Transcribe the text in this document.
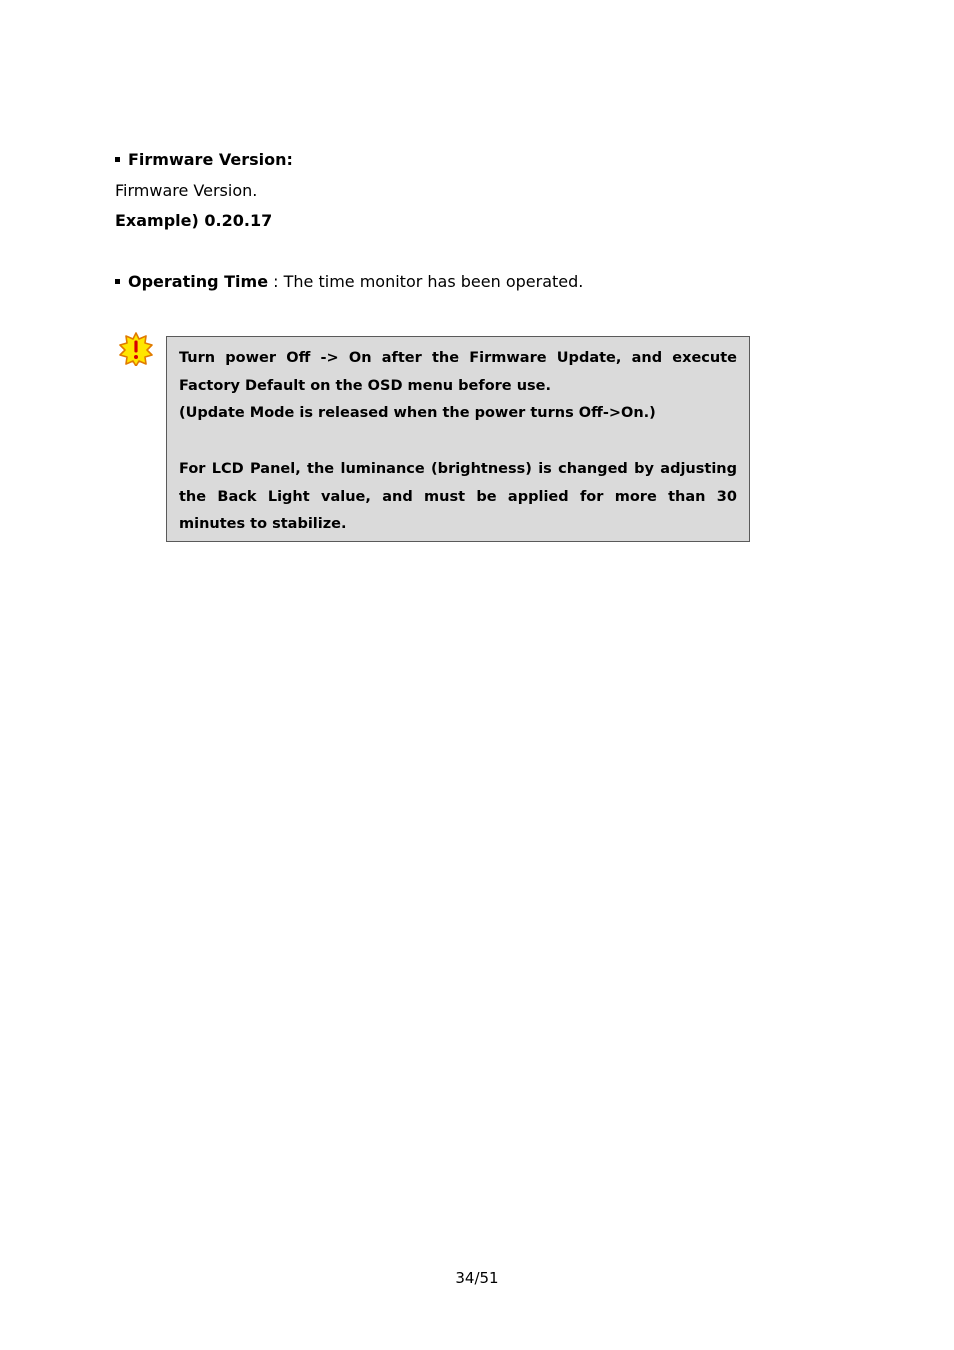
Firmware Version:
Firmware Version.
Example) 0.20.17
Operating Time : The time monitor has been operated.

Turn power Off -> On after the Firmware Update, and execute Factory Default on the OSD menu before use.

(Update Mode is released when the power turns Off->On.)

For LCD Panel, the luminance (brightness) is changed by adjusting the Back Light value, and must be applied for more than 30 minutes to stabilize.

34/51
